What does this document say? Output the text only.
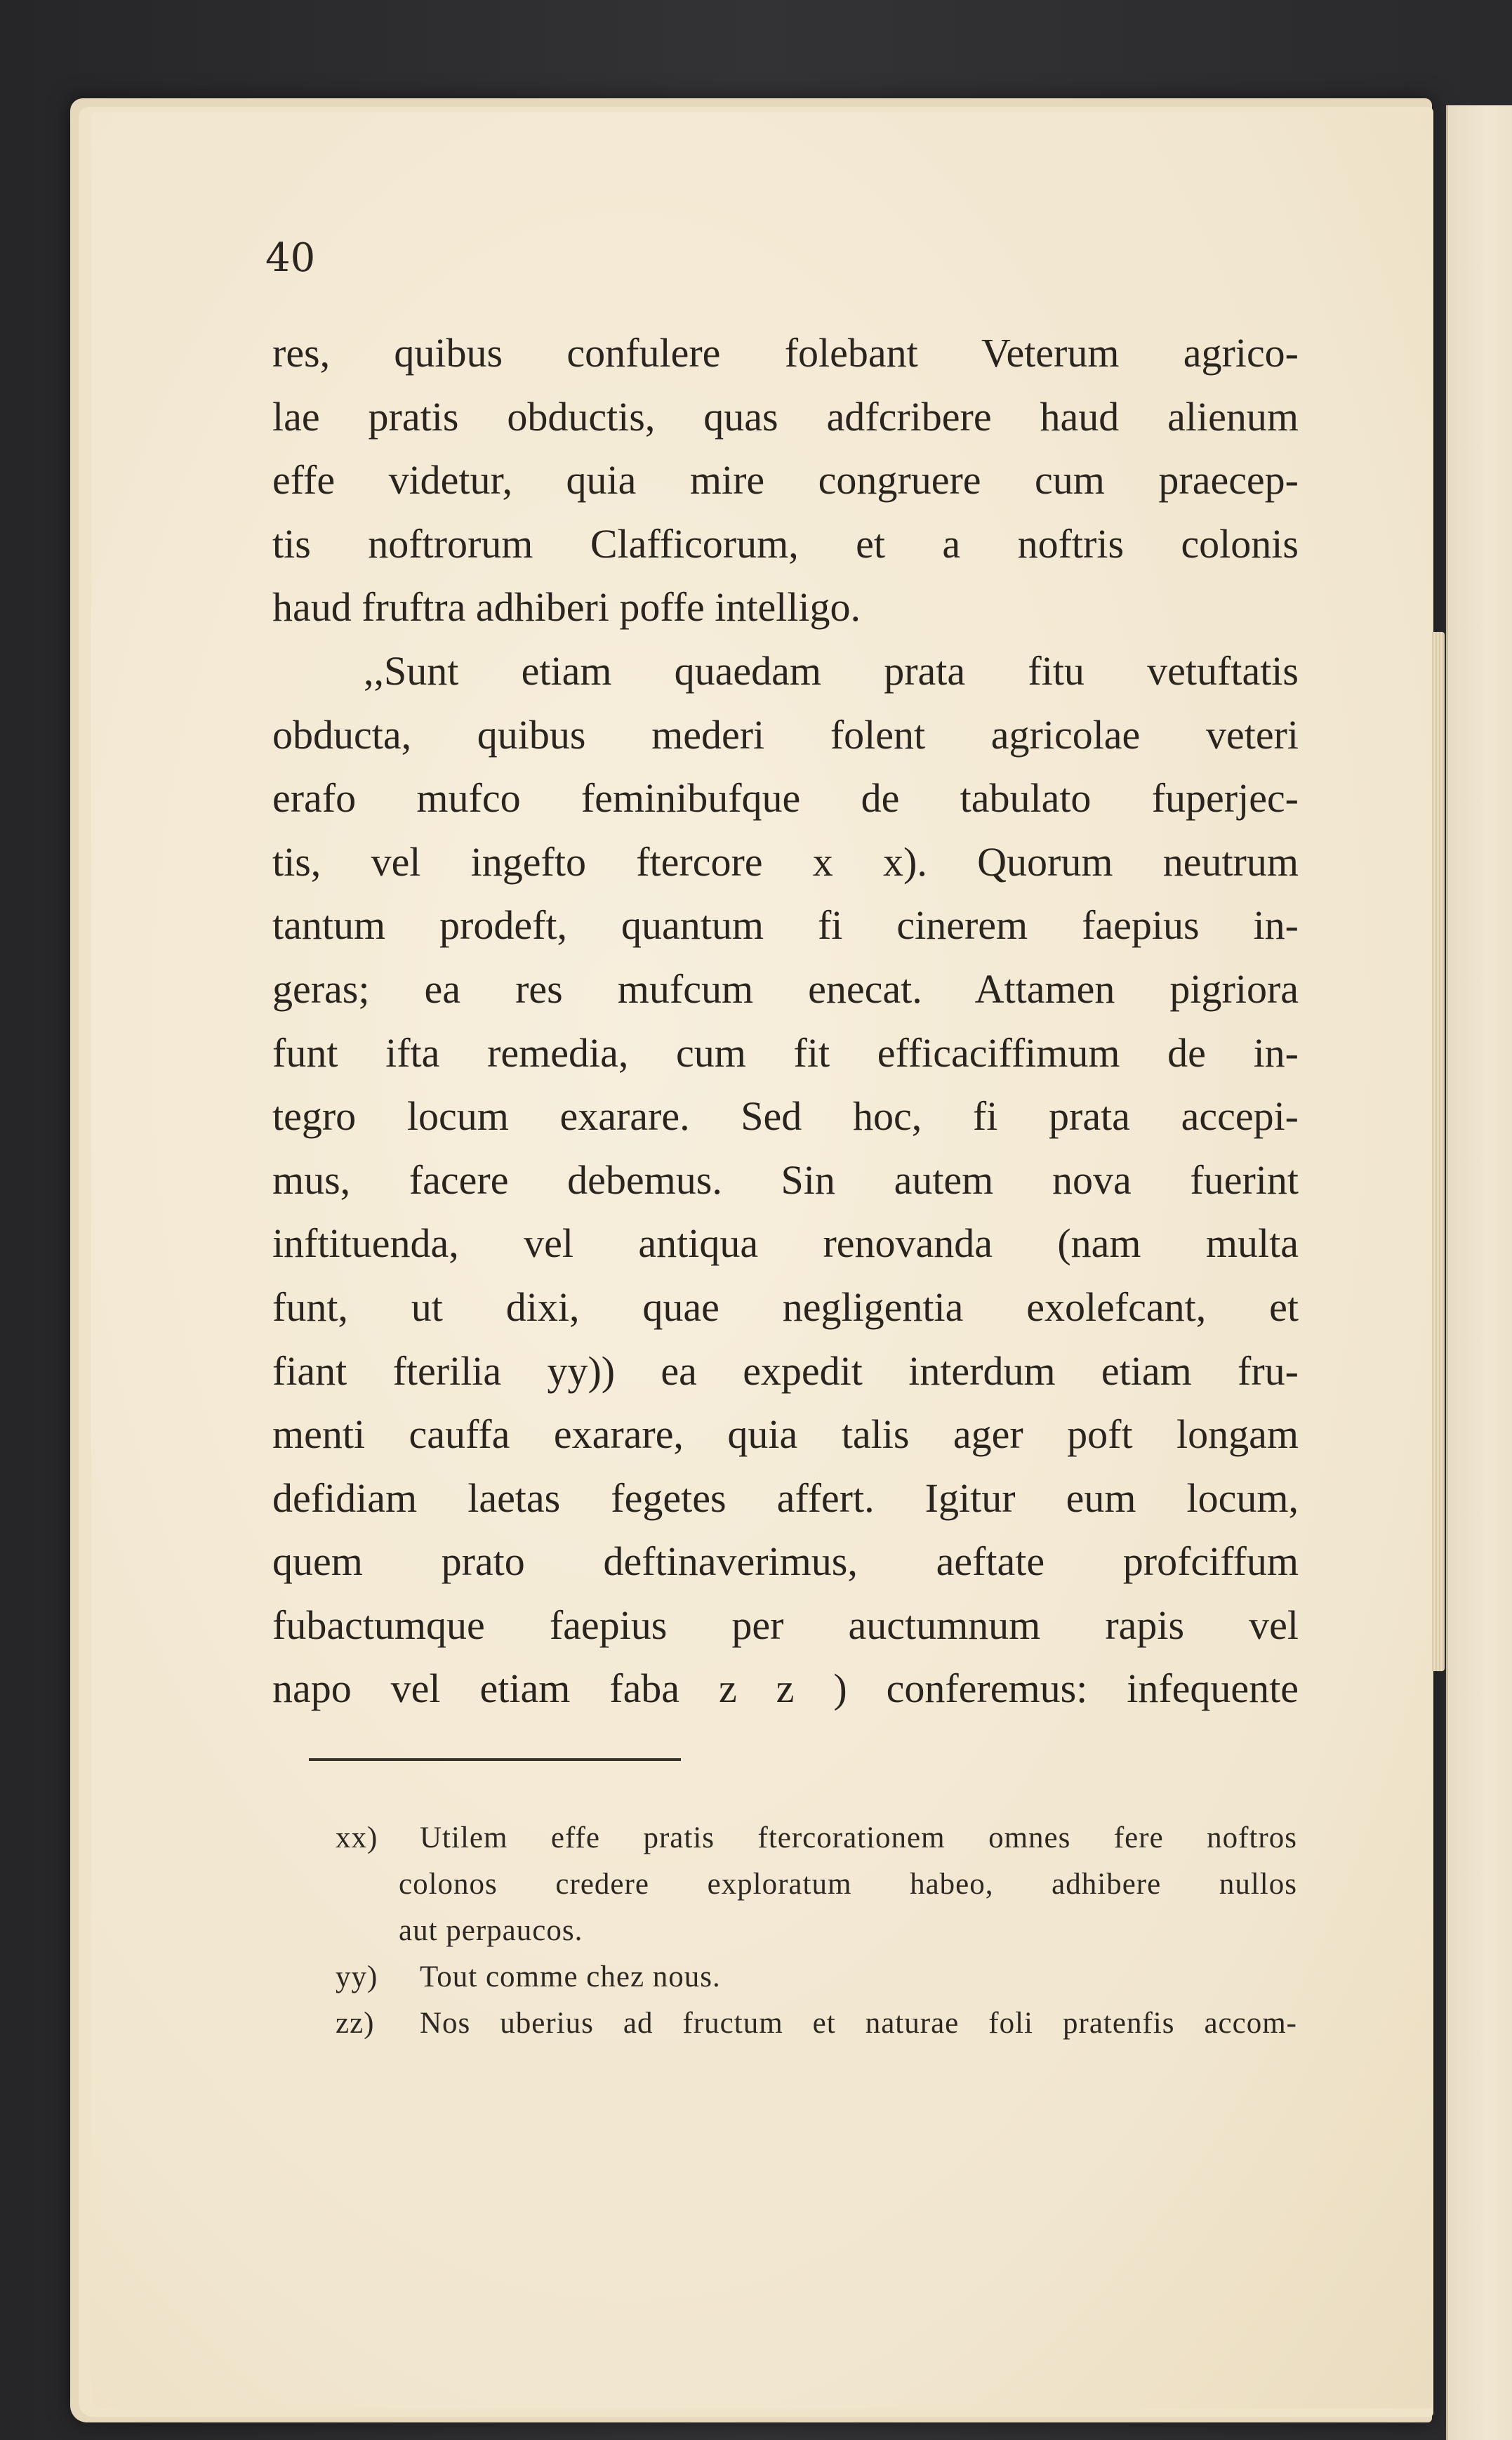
40
res, quibus confulere folebant Veterum agrico-
lae pratis obductis, quas adfcribere haud alienum
effe videtur, quia mire congruere cum praecep-
tis noftrorum Clafficorum, et a noftris colonis
haud fruftra adhiberi poffe intelligo.
,,Sunt etiam quaedam prata fitu vetuftatis
obducta, quibus mederi folent agricolae veteri
erafo mufco feminibufque de tabulato fuperjec-
tis, vel ingefto ftercore x x). Quorum neutrum
tantum prodeft, quantum fi cinerem faepius in-
geras; ea res mufcum enecat. Attamen pigriora
funt ifta remedia, cum fit efficaciffimum de in-
tegro locum exarare. Sed hoc, fi prata accepi-
mus, facere debemus. Sin autem nova fuerint
inftituenda, vel antiqua renovanda (nam multa
funt, ut dixi, quae negligentia exolefcant, et
fiant fterilia yy)) ea expedit interdum etiam fru-
menti cauffa exarare, quia talis ager poft longam
defidiam laetas fegetes affert. Igitur eum locum,
quem prato deftinaverimus, aeftate profciffum
fubactumque faepius per auctumnum rapis vel
napo vel etiam faba z z ) conferemus: infequente
xx)	Utilem effe pratis ftercorationem omnes fere noftros
colonos credere exploratum habeo, adhibere nullos
aut perpaucos.
yy)	Tout comme chez nous.
zz)	Nos uberius ad fructum et naturae foli pratenfis accom-
